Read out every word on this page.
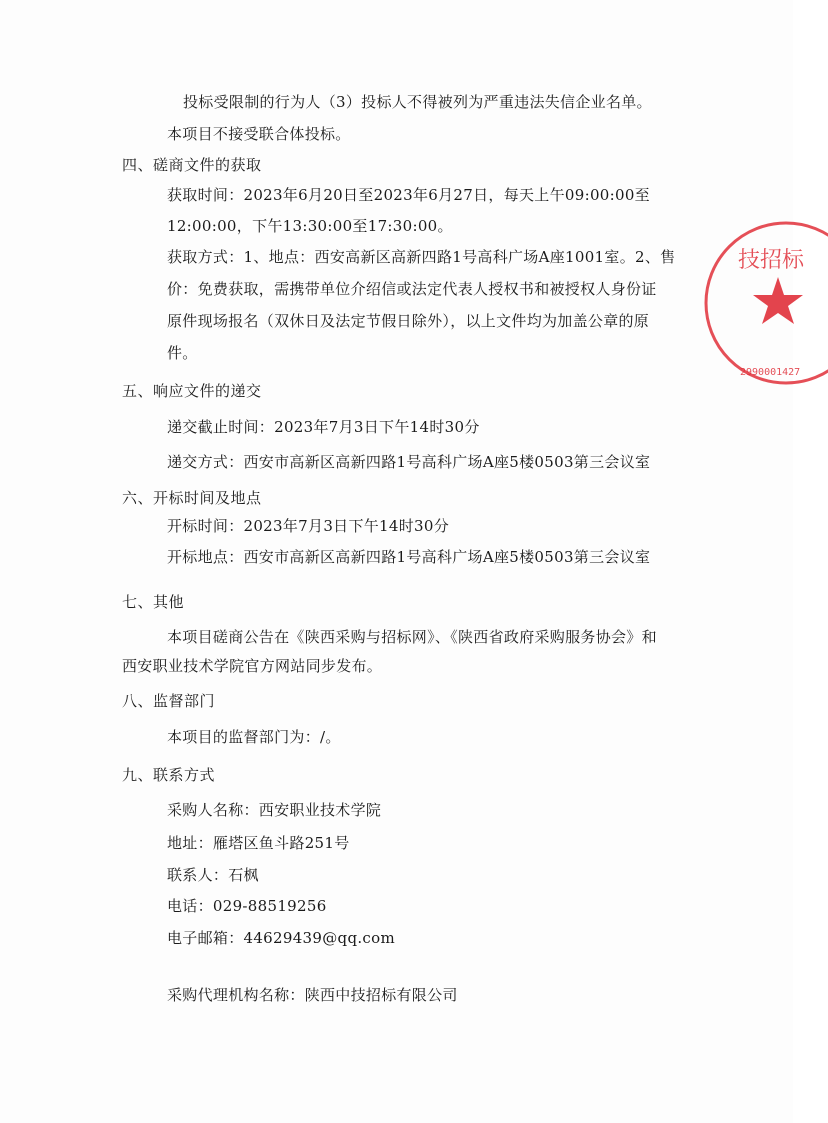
投标受限制的行为人（3）投标人不得被列为严重违法失信企业名单。
本项目不接受联合体投标。
四、磋商文件的获取
获取时间：2023年6月20日至2023年6月27日，每天上午09:00:00至
12:00:00，下午13:30:00至17:30:00。
获取方式：1、地点：西安高新区高新四路1号高科广场A座1001室。2、售
价：免费获取，需携带单位介绍信或法定代表人授权书和被授权人身份证
原件现场报名（双休日及法定节假日除外），以上文件均为加盖公章的原
件。
五、响应文件的递交
递交截止时间：2023年7月3日下午14时30分
递交方式：西安市高新区高新四路1号高科广场A座5楼0503第三会议室
六、开标时间及地点
开标时间：2023年7月3日下午14时30分
开标地点：西安市高新区高新四路1号高科广场A座5楼0503第三会议室
七、其他
本项目磋商公告在《陕西采购与招标网》、《陕西省政府采购服务协会》和
西安职业技术学院官方网站同步发布。
八、监督部门
本项目的监督部门为：/。
九、联系方式
采购人名称：西安职业技术学院
地址：雁塔区鱼斗路251号
联系人：石枫
电话：029-88519256
电子邮箱：44629439@qq.com
采购代理机构名称：陕西中技招标有限公司
技招标
2990001427
